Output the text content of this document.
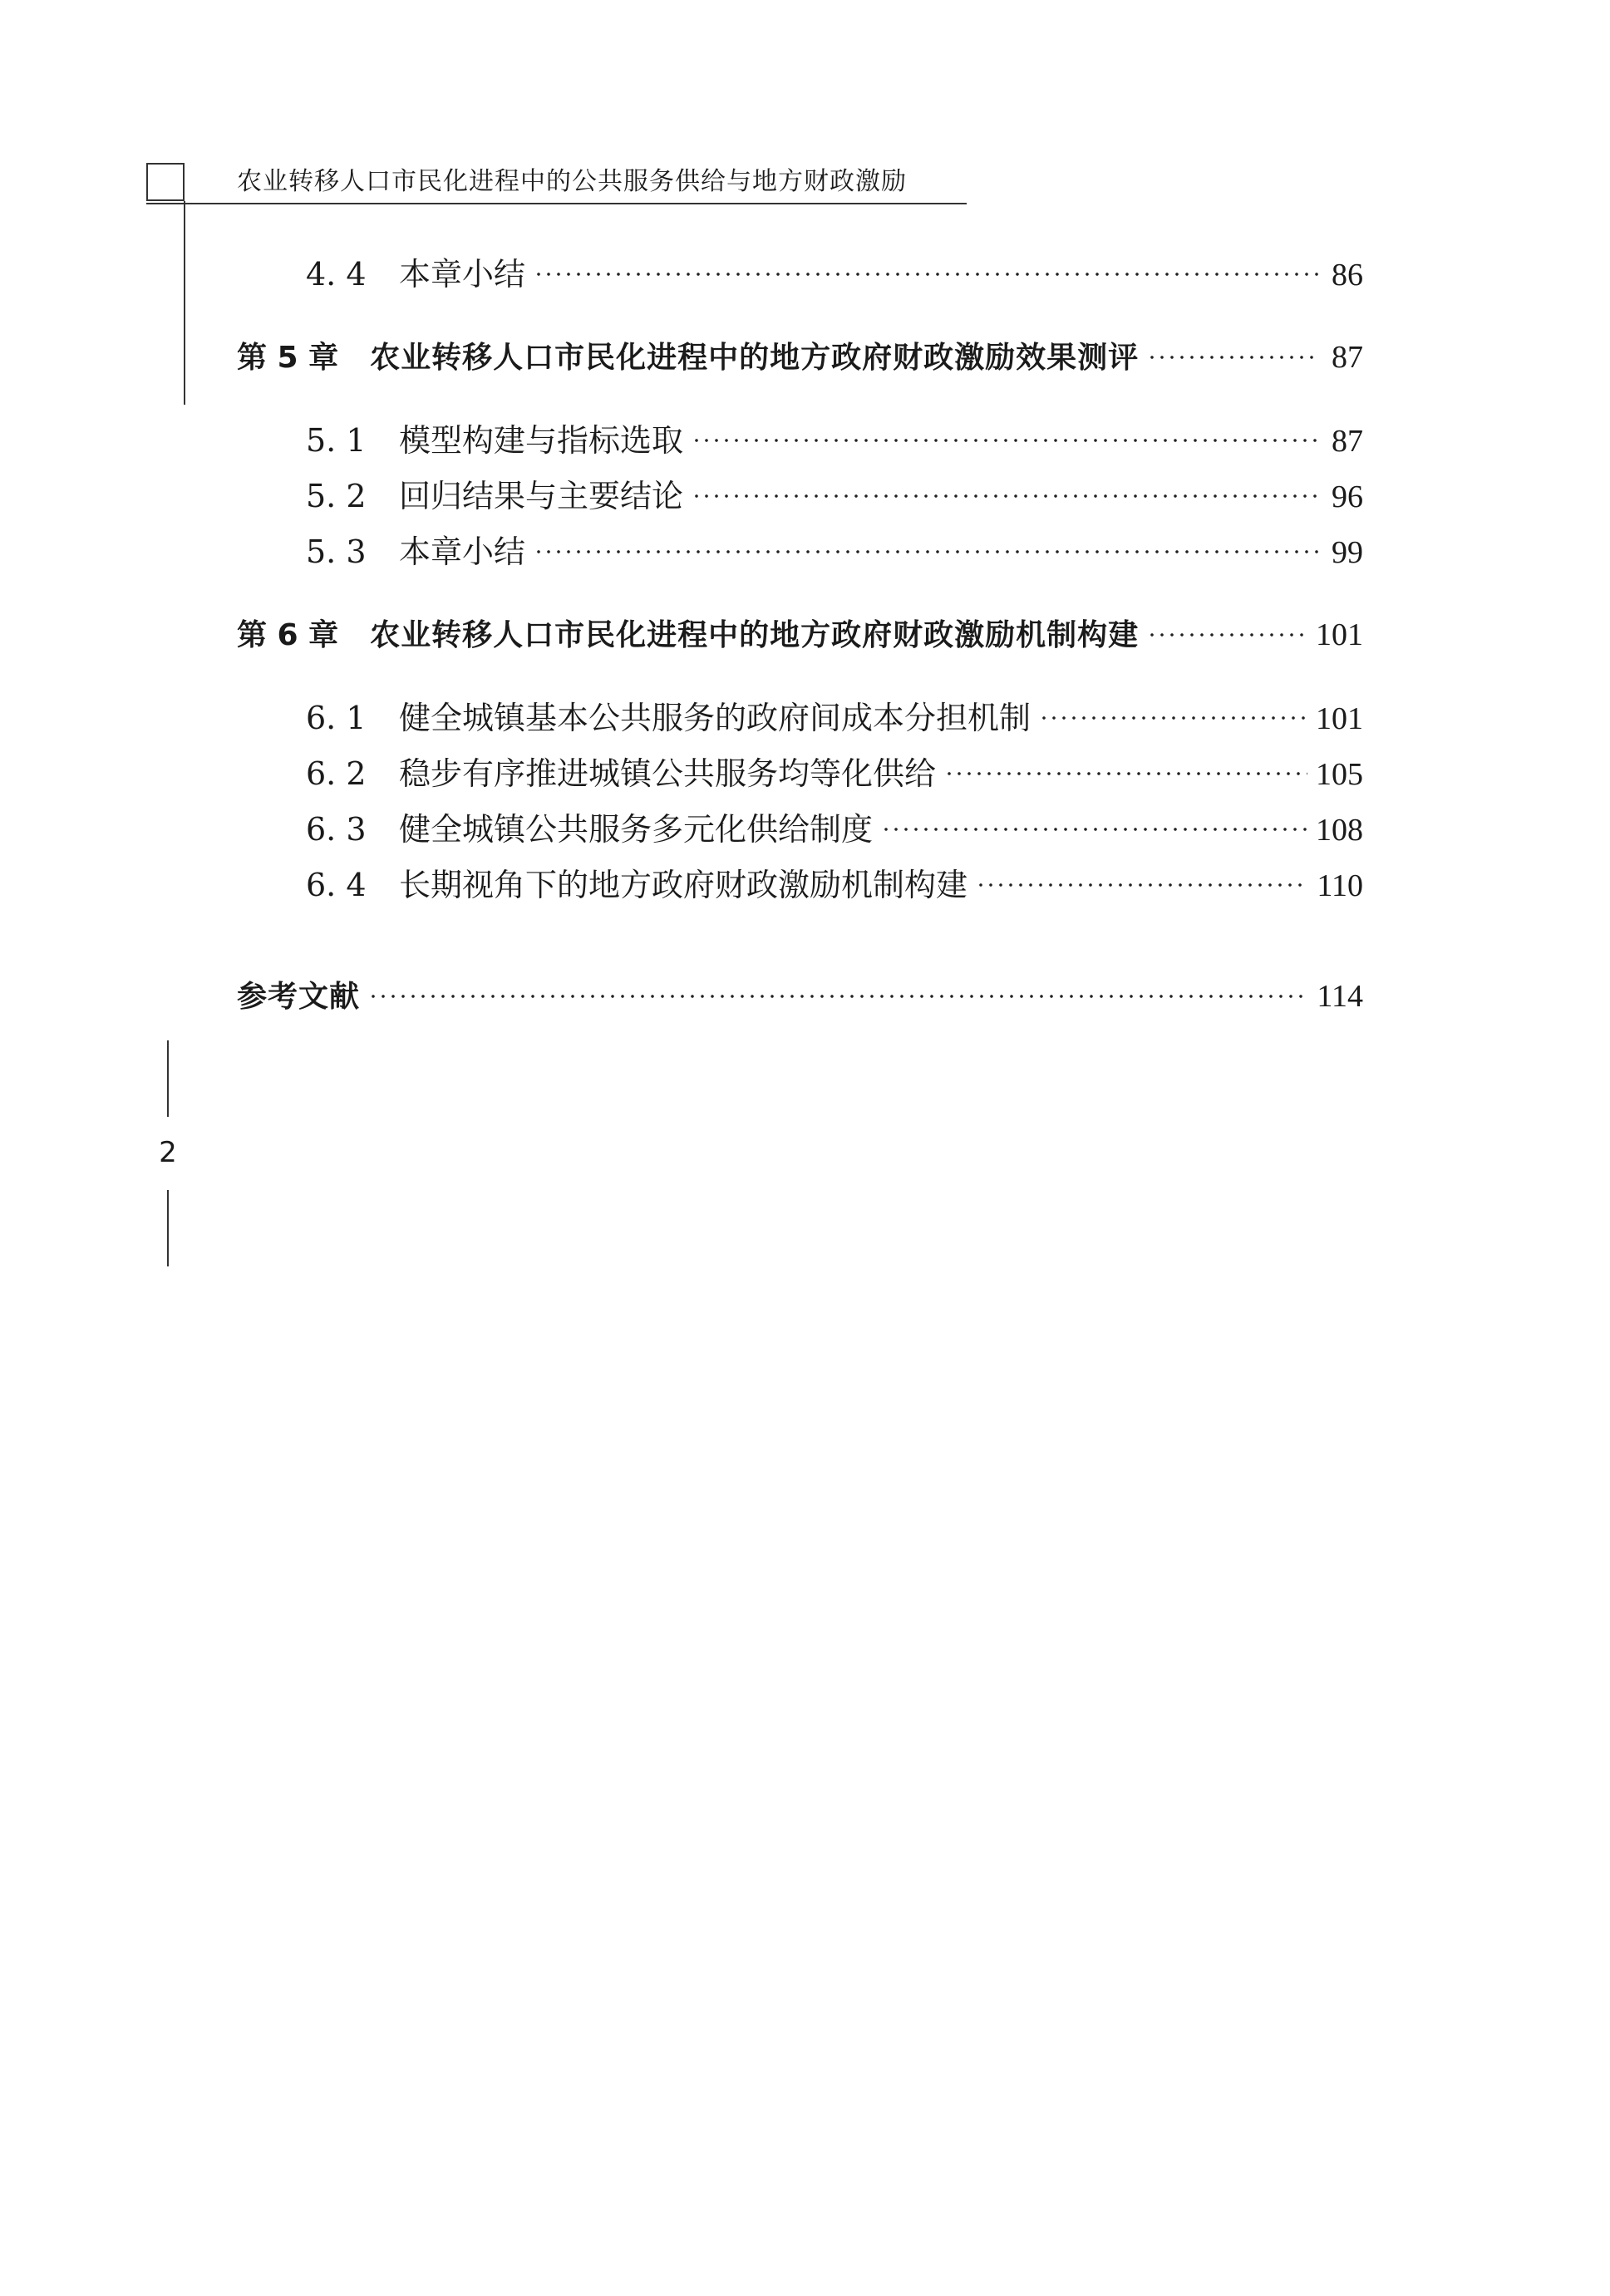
农业转移人口市民化进程中的公共服务供给与地方财政激励
4. 4	本章小结	86
第 5 章 农业转移人口市民化进程中的地方政府财政激励效果测评	87
5. 1	模型构建与指标选取	87
5. 2	回归结果与主要结论	96
5. 3	本章小结	99
第 6 章 农业转移人口市民化进程中的地方政府财政激励机制构建	101
6. 1	健全城镇基本公共服务的政府间成本分担机制	101
6. 2	稳步有序推进城镇公共服务均等化供给	105
6. 3	健全城镇公共服务多元化供给制度	108
6. 4	长期视角下的地方政府财政激励机制构建	110
参考文献	114
2
